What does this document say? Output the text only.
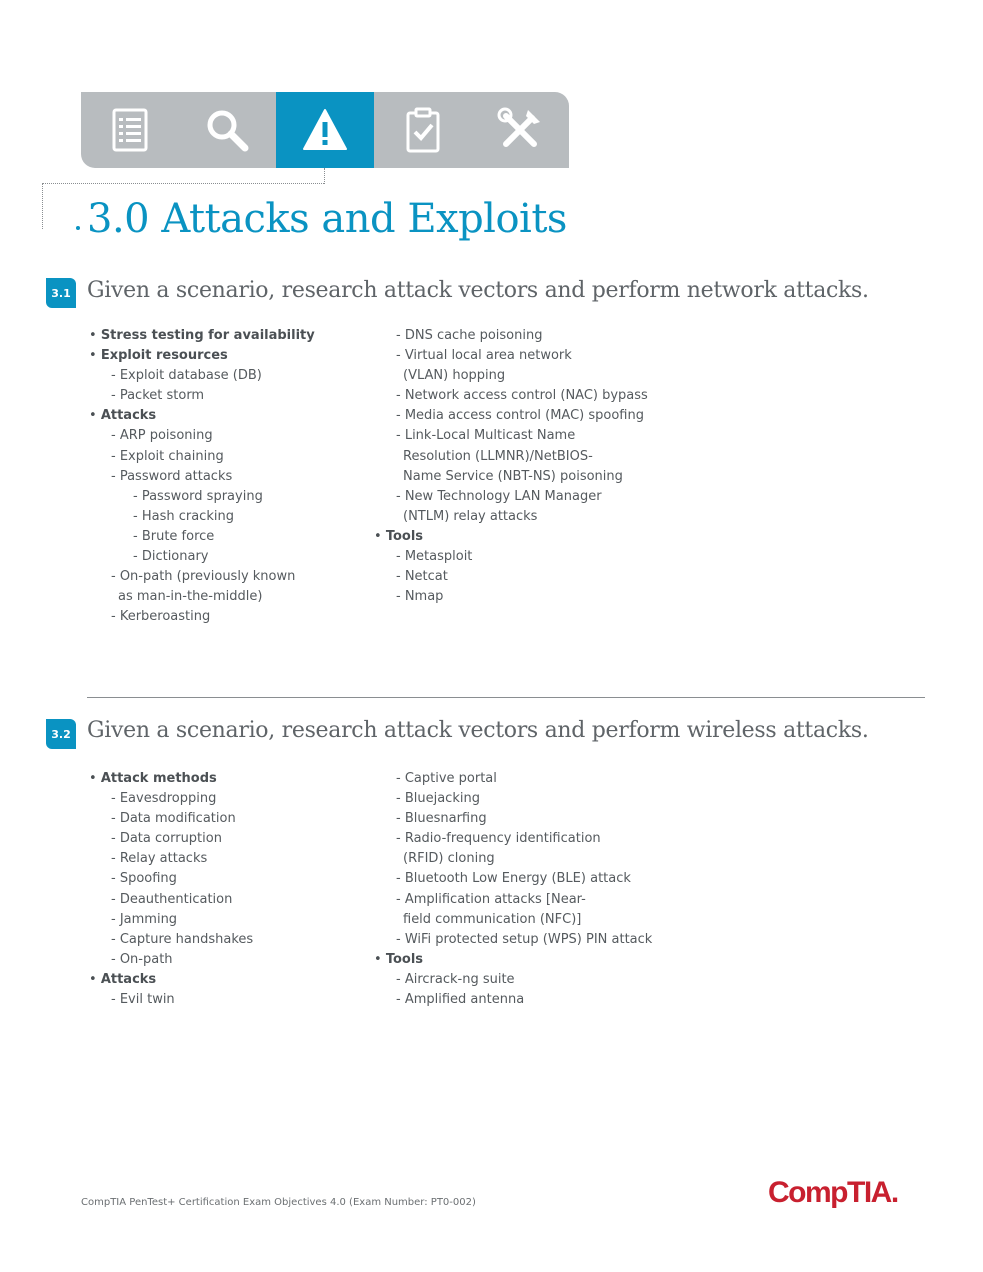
3.0 Attacks and Exploits
3.1 Given a scenario, research attack vectors and perform network attacks.
• Stress testing for availability
• Exploit resources
- Exploit database (DB)
- Packet storm
• Attacks
- ARP poisoning
- Exploit chaining
- Password attacks
- Password spraying
- Hash cracking
- Brute force
- Dictionary
- On-path (previously known
as man-in-the-middle)
- Kerberoasting
- DNS cache poisoning
- Virtual local area network
(VLAN) hopping
- Network access control (NAC) bypass
- Media access control (MAC) spoofing
- Link-Local Multicast Name
Resolution (LLMNR)/NetBIOS-
Name Service (NBT-NS) poisoning
- New Technology LAN Manager
(NTLM) relay attacks
• Tools
- Metasploit
- Netcat
- Nmap
3.2 Given a scenario, research attack vectors and perform wireless attacks.
• Attack methods
- Eavesdropping
- Data modification
- Data corruption
- Relay attacks
- Spoofing
- Deauthentication
- Jamming
- Capture handshakes
- On-path
• Attacks
- Evil twin
- Captive portal
- Bluejacking
- Bluesnarfing
- Radio-frequency identification
(RFID) cloning
- Bluetooth Low Energy (BLE) attack
- Amplification attacks [Near-
field communication (NFC)]
- WiFi protected setup (WPS) PIN attack
• Tools
- Aircrack-ng suite
- Amplified antenna
CompTIA PenTest+ Certification Exam Objectives 4.0 (Exam Number: PT0-002)	CompTIA.
